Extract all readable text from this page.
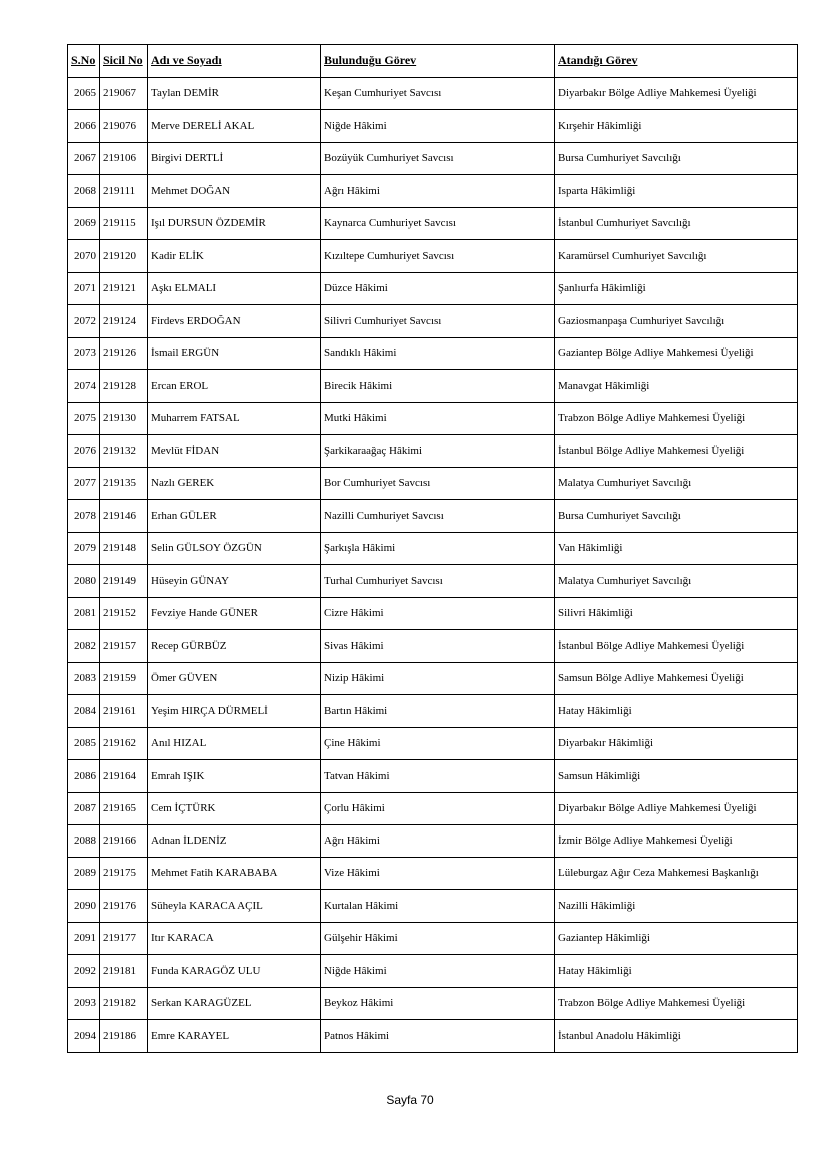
S.No	Sicil No	Adı ve Soyadı	Bulunduğu Görev	Atandığı Görev
2065	219067	Taylan DEMİR	Keşan Cumhuriyet Savcısı	Diyarbakır Bölge Adliye Mahkemesi Üyeliği
2066	219076	Merve DERELİ AKAL	Niğde Hâkimi	Kırşehir Hâkimliği
2067	219106	Birgivi DERTLİ	Bozüyük Cumhuriyet Savcısı	Bursa Cumhuriyet Savcılığı
2068	219111	Mehmet DOĞAN	Ağrı Hâkimi	Isparta Hâkimliği
2069	219115	Işıl DURSUN ÖZDEMİR	Kaynarca Cumhuriyet Savcısı	İstanbul Cumhuriyet Savcılığı
2070	219120	Kadir ELİK	Kızıltepe Cumhuriyet Savcısı	Karamürsel Cumhuriyet Savcılığı
2071	219121	Aşkı ELMALI	Düzce Hâkimi	Şanlıurfa Hâkimliği
2072	219124	Firdevs ERDOĞAN	Silivri Cumhuriyet Savcısı	Gaziosmanpaşa Cumhuriyet Savcılığı
2073	219126	İsmail ERGÜN	Sandıklı Hâkimi	Gaziantep Bölge Adliye Mahkemesi Üyeliği
2074	219128	Ercan EROL	Birecik Hâkimi	Manavgat Hâkimliği
2075	219130	Muharrem FATSAL	Mutki Hâkimi	Trabzon Bölge Adliye Mahkemesi Üyeliği
2076	219132	Mevlüt FİDAN	Şarkikaraağaç Hâkimi	İstanbul Bölge Adliye Mahkemesi Üyeliği
2077	219135	Nazlı GEREK	Bor Cumhuriyet Savcısı	Malatya Cumhuriyet Savcılığı
2078	219146	Erhan GÜLER	Nazilli Cumhuriyet Savcısı	Bursa Cumhuriyet Savcılığı
2079	219148	Selin GÜLSOY ÖZGÜN	Şarkışla Hâkimi	Van Hâkimliği
2080	219149	Hüseyin GÜNAY	Turhal Cumhuriyet Savcısı	Malatya Cumhuriyet Savcılığı
2081	219152	Fevziye Hande GÜNER	Cizre Hâkimi	Silivri Hâkimliği
2082	219157	Recep GÜRBÜZ	Sivas Hâkimi	İstanbul Bölge Adliye Mahkemesi Üyeliği
2083	219159	Ömer GÜVEN	Nizip Hâkimi	Samsun Bölge Adliye Mahkemesi Üyeliği
2084	219161	Yeşim HIRÇA DÜRMELİ	Bartın Hâkimi	Hatay Hâkimliği
2085	219162	Anıl HIZAL	Çine Hâkimi	Diyarbakır Hâkimliği
2086	219164	Emrah IŞIK	Tatvan Hâkimi	Samsun Hâkimliği
2087	219165	Cem İÇTÜRK	Çorlu Hâkimi	Diyarbakır Bölge Adliye Mahkemesi Üyeliği
2088	219166	Adnan İLDENİZ	Ağrı Hâkimi	İzmir Bölge Adliye Mahkemesi Üyeliği
2089	219175	Mehmet Fatih KARABABA	Vize Hâkimi	Lüleburgaz Ağır Ceza Mahkemesi Başkanlığı
2090	219176	Süheyla KARACA AÇIL	Kurtalan Hâkimi	Nazilli Hâkimliği
2091	219177	Itır KARACA	Gülşehir Hâkimi	Gaziantep Hâkimliği
2092	219181	Funda KARAGÖZ ULU	Niğde Hâkimi	Hatay Hâkimliği
2093	219182	Serkan KARAGÜZEL	Beykoz Hâkimi	Trabzon Bölge Adliye Mahkemesi Üyeliği
2094	219186	Emre KARAYEL	Patnos Hâkimi	İstanbul Anadolu Hâkimliği
Sayfa 70
